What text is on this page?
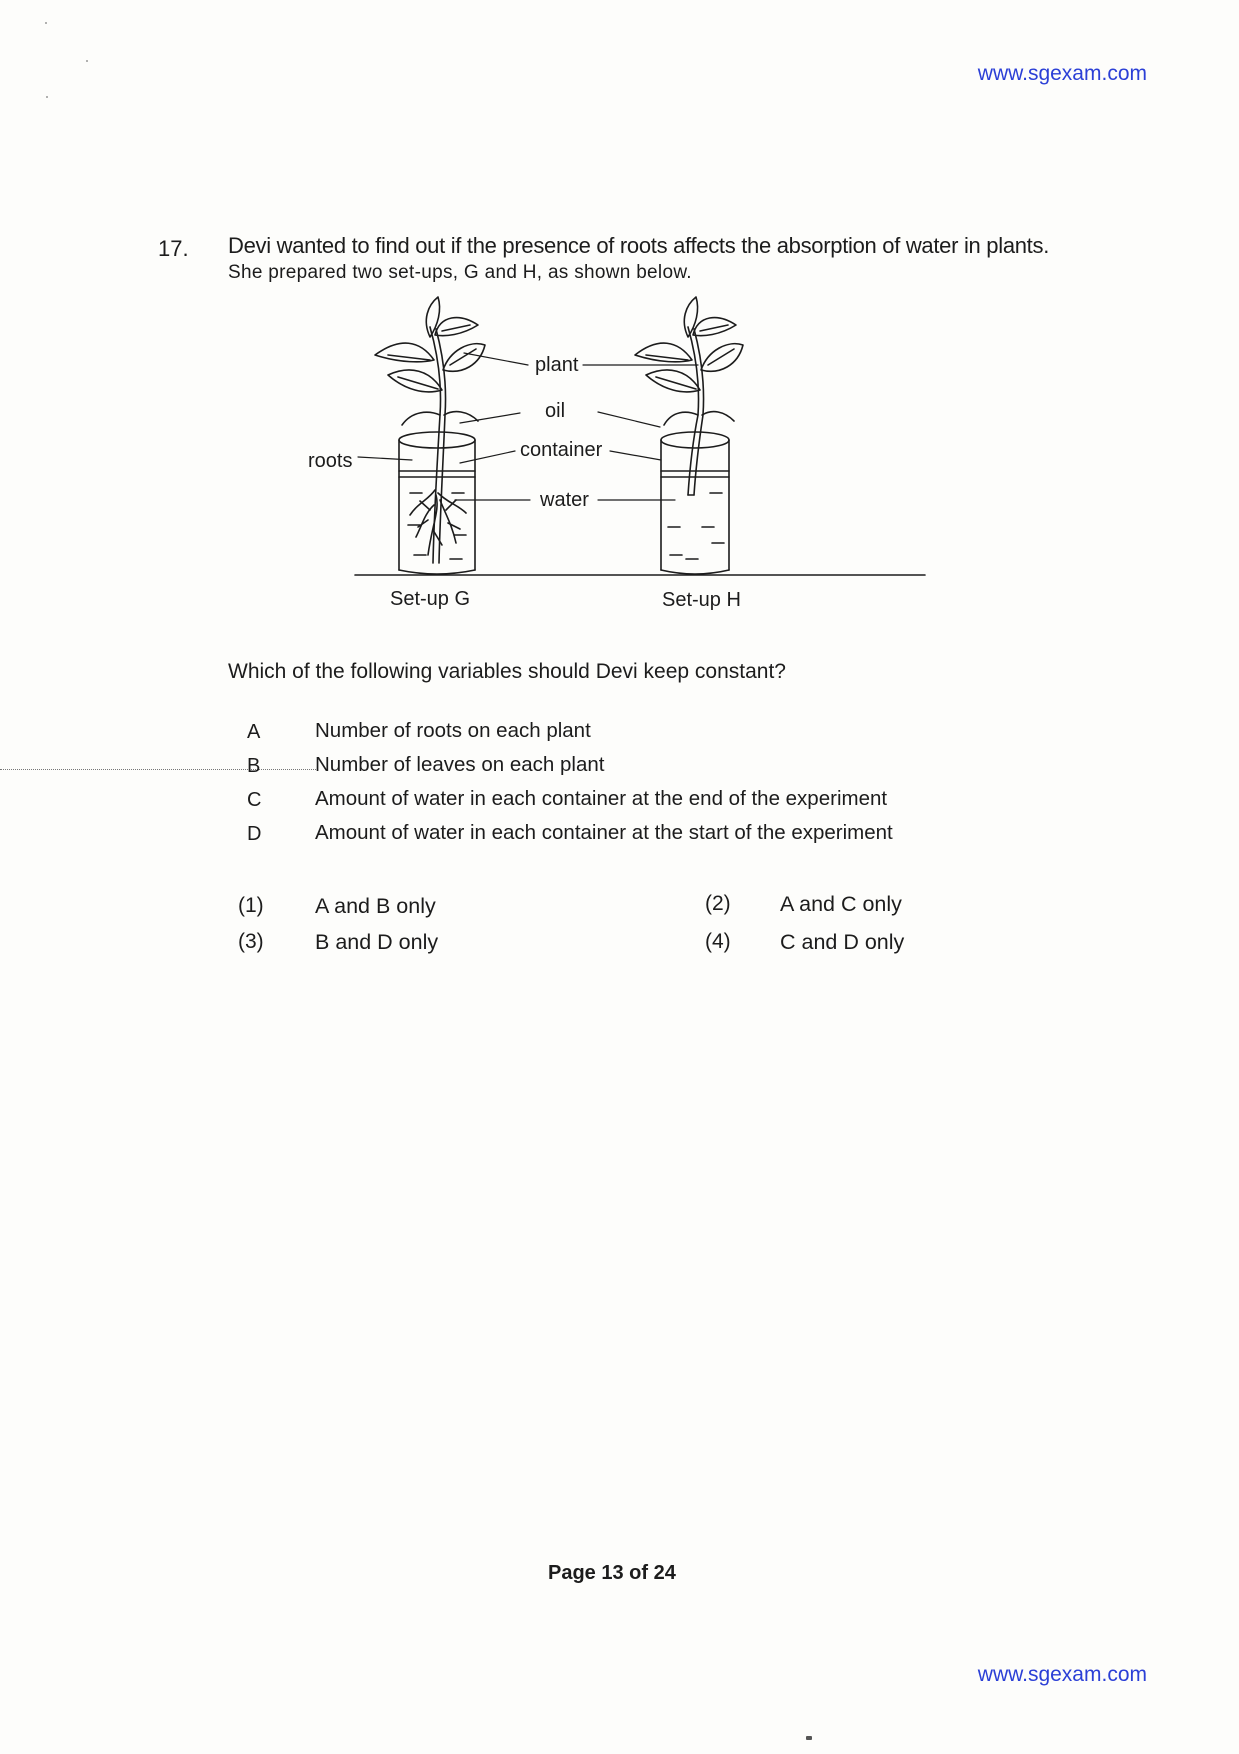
www.sgexam.com
17. Devi wanted to find out if the presence of roots affects the absorption of water in plants.
She prepared two set-ups, G and H, as shown below.
plant
oil
container
water
roots
Set-up G	Set-up H
Which of the following variables should Devi keep constant?
A	Number of roots on each plant
B	Number of leaves on each plant
C	Amount of water in each container at the end of the experiment
D	Amount of water in each container at the start of the experiment
(1) A and B only	(2) A and C only
(3) B and D only	(4) C and D only
Page 13 of 24
www.sgexam.com
